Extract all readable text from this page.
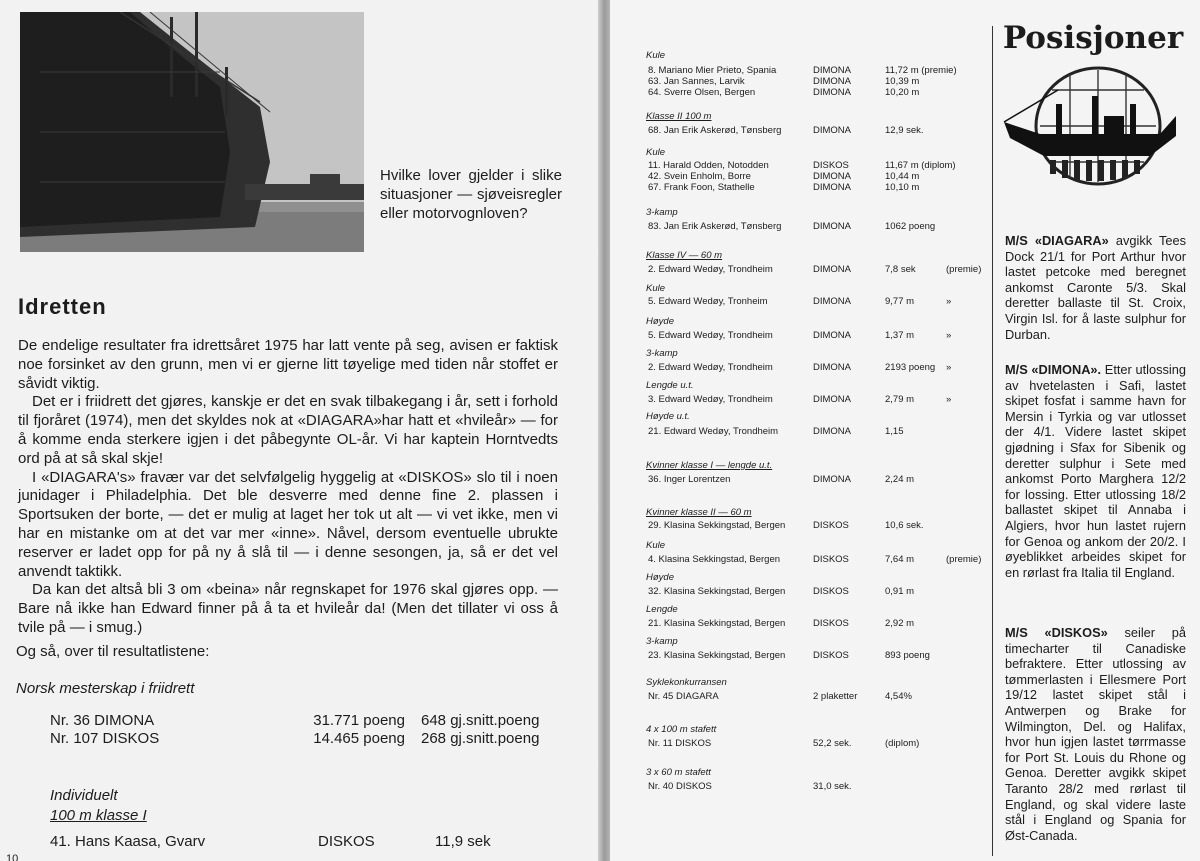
Hvilke lover gjelder i slike situasjoner — sjøveisregler eller motorvognloven?
Idretten

De endelige resultater fra idrettsåret 1975 har latt vente på seg, avisen er faktisk noe forsinket av den grunn, men vi er gjerne litt tøyelige med tiden når stoffet er såvidt viktig.

Det er i friidrett det gjøres, kanskje er det en svak tilbakegang i år, sett i forhold til fjoråret (1974), men det skyldes nok at «DIAGARA»har hatt et «hvileår» — for å komme enda sterkere igjen i det påbegynte OL-år. Vi har kaptein Horntvedts ord på at så skal skje!

I «DIAGARA's» fravær var det selvfølgelig hyggelig at «DISKOS» slo til i noen junidager i Philadelphia. Det ble desverre med denne fine 2. plassen i Sportsuken der borte, — det er mulig at laget her tok ut alt — vi vet ikke, men vi har en mistanke om at det var mer «inne». Nåvel, dersom eventuelle ubrukte reserver er ladet opp for på ny å slå til — i denne sesongen, ja, så er det vel anvendt taktikk.

Da kan det altså bli 3 om «beina» når regnskapet for 1976 skal gjøres opp. — Bare nå ikke han Edward finner på å ta et hvileår da! (Men det tillater vi oss å tvile på — i smug.)

Og så, over til resultatlistene:
Norsk mesterskap i friidrett
Nr. 36 DIMONA	31.771 poeng 648 gj.snitt.poeng
Nr. 107 DISKOS	14.465 poeng 268 gj.snitt.poeng
Individuelt
100 m klasse I
41. Hans Kaasa, Gvarv	DISKOS	11,9 sek
10
Kule
8. Mariano Mier Prieto, Spania	DIMONA	11,72 m (premie)
63. Jan Sannes, Larvik	DIMONA	10,39 m
64. Sverre Olsen, Bergen	DIMONA	10,20 m
Klasse II 100 m
68. Jan Erik Askerød, Tønsberg	DIMONA	12,9 sek.
Kule
11. Harald Odden, Notodden	DISKOS	11,67 m (diplom)
42. Svein Enholm, Borre	DIMONA	10,44 m
67. Frank Foon, Stathelle	DIMONA	10,10 m
3-kamp
83. Jan Erik Askerød, Tønsberg	DIMONA	1062 poeng
Klasse IV — 60 m
2. Edward Wedøy, Trondheim	DIMONA	7,8 sek	(premie)
Kule
5. Edward Wedøy, Tronheim	DIMONA	9,77 m	»
Høyde
5. Edward Wedøy, Trondheim	DIMONA	1,37 m	»
3-kamp
2. Edward Wedøy, Trondheim	DIMONA	2193 poeng »
Lengde u.t.
3. Edward Wedøy, Trondheim	DIMONA	2,79 m	»
Høyde u.t.
21. Edward Wedøy, Trondheim	DIMONA	1,15
Kvinner klasse I — lengde u.t.
36. Inger Lorentzen	DIMONA	2,24 m
Kvinner klasse II — 60 m
29. Klasina Sekkingstad, Bergen	DISKOS	10,6 sek.
Kule
4. Klasina Sekkingstad, Bergen	DISKOS	7,64 m	(premie)
Høyde
32. Klasina Sekkingstad, Bergen	DISKOS	0,91 m
Lengde
21. Klasina Sekkingstad, Bergen	DISKOS	2,92 m
3-kamp
23. Klasina Sekkingstad, Bergen	DISKOS	893 poeng
Syklekonkurransen
Nr. 45 DIAGARA	2 plaketter	4,54%
4 x 100 m stafett
Nr. 11 DISKOS	52,2 sek.	(diplom)
3 x 60 m stafett
Nr. 40 DISKOS	31,0 sek.
Posisjoner
M/S «DIAGARA» avgikk Tees Dock 21/1 for Port Arthur hvor lastet petcoke med beregnet ankomst Caronte 5/3. Skal deretter ballaste til St. Croix, Virgin Isl. for å laste sulphur for Durban.
M/S «DIMONA». Etter utlossing av hvetelasten i Safi, lastet skipet fosfat i samme havn for Mersin i Tyrkia og var utlosset der 4/1. Videre lastet skipet gjødning i Sfax for Sibenik og deretter sulphur i Sete med ankomst Porto Marghera 12/2 for lossing. Etter utlossing 18/2 ballastet skipet til Annaba i Algiers, hvor hun lastet rujern for Genoa og ankom der 20/2. I øyeblikket arbeides skipet for en rørlast fra Italia til England.
M/S «DISKOS» seiler på timecharter til Canadiske befraktere. Etter utlossing av tømmerlasten i Ellesmere Port 19/12 lastet skipet stål i Antwerpen og Brake for Wilmington, Del. og Halifax, hvor hun igjen lastet tørrmasse for Port St. Louis du Rhone og Genoa. Deretter avgikk skipet Taranto 28/2 med rørlast til England, og skal videre laste stål i England og Spania for Øst-Canada.
